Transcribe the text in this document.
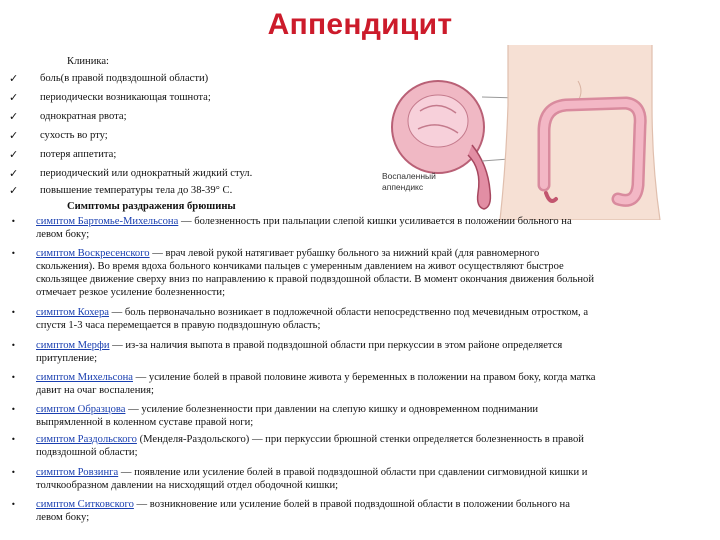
Аппендицит
Воспаленный
аппендикс
Клиника:
✓ боль(в правой подвздошной области)
✓ периодически возникающая тошнота;
✓ однократная рвота;
✓ сухость во рту;
✓ потеря аппетита;
✓ периодический или однократный жидкий стул.
✓ повышение температуры тела до 38-39° С.
Симптомы раздражения брюшины
• симптом Бартомье-Михельсона — болезненность при пальпации слепой кишки усиливается в положении больного на
левом боку;
• симптом Воскресенского — врач левой рукой натягивает рубашку больного за нижний край (для равномерного
скольжения). Во время вдоха больного кончиками пальцев с умеренным давлением на живот осуществляют быстрое
скользящее движение сверху вниз по направлению к правой подвздошной области. В момент окончания движения больной
отмечает резкое усиление болезненности;
• симптом Кохера — боль первоначально возникает в подложечной области непосредственно под мечевидным отростком, а
спустя 1-3 часа перемещается в правую подвздошную область;
• симптом Мерфи — из-за наличия выпота в правой подвздошной области при перкуссии в этом районе определяется
притупление;
• симптом Михельсона — усиление болей в правой половине живота у беременных в положении на правом боку, когда матка
давит на очаг воспаления;
• симптом Образцова — усиление болезненности при давлении на слепую кишку и одновременном поднимании
выпрямленной в коленном суставе правой ноги;
• симптом Раздольского (Менделя-Раздольского) — при перкуссии брюшной стенки определяется болезненность в правой
подвздошной области;
• симптом Ровзинга — появление или усиление болей в правой подвздошной области при сдавлении сигмовидной кишки и
толчкообразном давлении на нисходящий отдел ободочной кишки;
• симптом Ситковского — возникновение или усиление болей в правой подвздошной области в положении больного на
левом боку;
